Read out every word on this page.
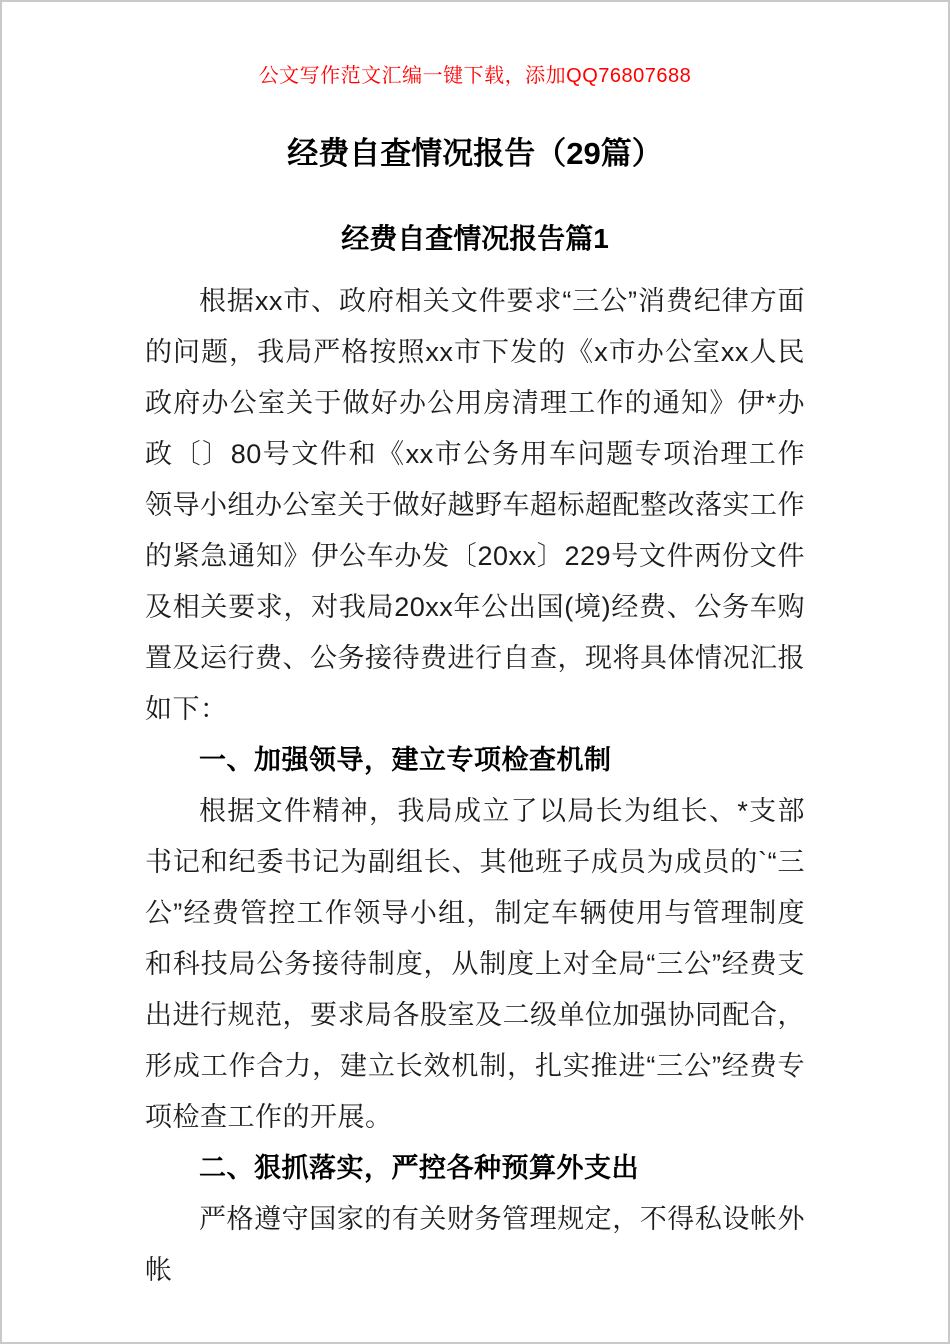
公文写作范文汇编一键下载，添加QQ76807688
经费自查情况报告（29篇）
经费自查情况报告篇1

根据xx市、政府相关文件要求“三公”消费纪律方面的问题，我局严格按照xx市下发的《x市办公室xx人民政府办公室关于做好办公用房清理工作的通知》伊*办政〔〕80号文件和《xx市公务用车问题专项治理工作领导小组办公室关于做好越野车超标超配整改落实工作的紧急通知》伊公车办发〔20xx〕229号文件两份文件及相关要求，对我局20xx年公出国(境)经费、公务车购置及运行费、公务接待费进行自查，现将具体情况汇报如下：

一、加强领导，建立专项检查机制

根据文件精神，我局成立了以局长为组长、*支部书记和纪委书记为副组长、其他班子成员为成员的`“三公”经费管控工作领导小组，制定车辆使用与管理制度和科技局公务接待制度，从制度上对全局“三公”经费支出进行规范，要求局各股室及二级单位加强协同配合，形成工作合力，建立长效机制，扎实推进“三公”经费专项检查工作的开展。

二、狠抓落实，严控各种预算外支出

严格遵守国家的有关财务管理规定，不得私设帐外帐
